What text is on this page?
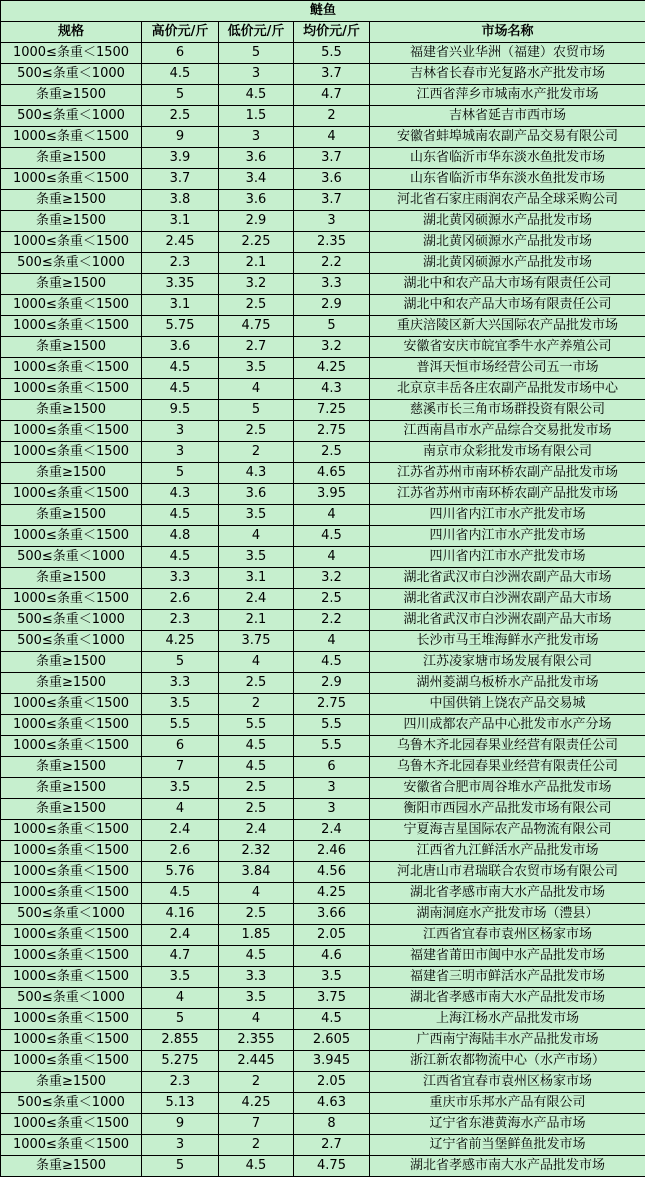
鲢鱼				
规格	高价元/斤	低价元/斤	均价元/斤	市场名称
1000≤条重＜1500	6	5	5.5	福建省兴业华洲（福建）农贸市场
500≤条重＜1000	4.5	3	3.7	吉林省长春市光复路水产批发市场
条重≥1500	5	4.5	4.7	江西省萍乡市城南水产批发市场
500≤条重＜1000	2.5	1.5	2	吉林省延吉市西市场
1000≤条重＜1500	9	3	4	安徽省蚌埠城南农副产品交易有限公司
条重≥1500	3.9	3.6	3.7	山东省临沂市华东淡水鱼批发市场
1000≤条重＜1500	3.7	3.4	3.6	山东省临沂市华东淡水鱼批发市场
条重≥1500	3.8	3.6	3.7	河北省石家庄雨润农产品全球采购公司
条重≥1500	3.1	2.9	3	湖北黄冈硕源水产品批发市场
1000≤条重＜1500	2.45	2.25	2.35	湖北黄冈硕源水产品批发市场
500≤条重＜1000	2.3	2.1	2.2	湖北黄冈硕源水产品批发市场
条重≥1500	3.35	3.2	3.3	湖北中和农产品大市场有限责任公司
1000≤条重＜1500	3.1	2.5	2.9	湖北中和农产品大市场有限责任公司
1000≤条重＜1500	5.75	4.75	5	重庆涪陵区新大兴国际农产品批发市场
条重≥1500	3.6	2.7	3.2	安徽省安庆市皖宜季牛水产养殖公司
1000≤条重＜1500	4.5	3.5	4.25	普洱天恒市场经营公司五一市场
1000≤条重＜1500	4.5	4	4.3	北京京丰岳各庄农副产品批发市场中心
条重≥1500	9.5	5	7.25	慈溪市长三角市场群投资有限公司
1000≤条重＜1500	3	2.5	2.75	江西南昌市水产品综合交易批发市场
1000≤条重＜1500	3	2	2.5	南京市众彩批发市场有限公司
条重≥1500	5	4.3	4.65	江苏省苏州市南环桥农副产品批发市场
1000≤条重＜1500	4.3	3.6	3.95	江苏省苏州市南环桥农副产品批发市场
条重≥1500	4.5	3.5	4	四川省内江市水产批发市场
1000≤条重＜1500	4.8	4	4.5	四川省内江市水产批发市场
500≤条重＜1000	4.5	3.5	4	四川省内江市水产批发市场
条重≥1500	3.3	3.1	3.2	湖北省武汉市白沙洲农副产品大市场
1000≤条重＜1500	2.6	2.4	2.5	湖北省武汉市白沙洲农副产品大市场
500≤条重＜1000	2.3	2.1	2.2	湖北省武汉市白沙洲农副产品大市场
500≤条重＜1000	4.25	3.75	4	长沙市马王堆海鲜水产批发市场
条重≥1500	5	4	4.5	江苏凌家塘市场发展有限公司
条重≥1500	3.3	2.5	2.9	湖州菱湖乌板桥水产品批发市场
1000≤条重＜1500	3.5	2	2.75	中国供销上饶农产品交易城
1000≤条重＜1500	5.5	5.5	5.5	四川成都农产品中心批发市水产分场
1000≤条重＜1500	6	4.5	5.5	乌鲁木齐北园春果业经营有限责任公司
条重≥1500	7	4.5	6	乌鲁木齐北园春果业经营有限责任公司
条重≥1500	3.5	2.5	3	安徽省合肥市周谷堆水产品批发市场
条重≥1500	4	2.5	3	衡阳市西园水产品批发市场有限公司
1000≤条重＜1500	2.4	2.4	2.4	宁夏海吉星国际农产品物流有限公司
1000≤条重＜1500	2.6	2.32	2.46	江西省九江鲜活水产品批发市场
1000≤条重＜1500	5.76	3.84	4.56	河北唐山市君瑞联合农贸市场有限公司
1000≤条重＜1500	4.5	4	4.25	湖北省孝感市南大水产品批发市场
500≤条重＜1000	4.16	2.5	3.66	湖南洞庭水产批发市场（澧县）
1000≤条重＜1500	2.4	1.85	2.05	江西省宜春市袁州区杨家市场
1000≤条重＜1500	4.7	4.5	4.6	福建省莆田市闽中水产品批发市场
1000≤条重＜1500	3.5	3.3	3.5	福建省三明市鲜活水产品批发市场
500≤条重＜1000	4	3.5	3.75	湖北省孝感市南大水产品批发市场
1000≤条重＜1500	5	4	4.5	上海江杨水产品批发市场
1000≤条重＜1500	2.855	2.355	2.605	广西南宁海陆丰水产品批发市场
1000≤条重＜1500	5.275	2.445	3.945	浙江新农都物流中心（水产市场）
条重≥1500	2.3	2	2.05	江西省宜春市袁州区杨家市场
500≤条重＜1000	5.13	4.25	4.63	重庆市乐邦水产品有限公司
1000≤条重＜1500	9	7	8	辽宁省东港黄海水产品市场
1000≤条重＜1500	3	2	2.7	辽宁省前当堡鲜鱼批发市场
条重≥1500	5	4.5	4.75	湖北省孝感市南大水产品批发市场
